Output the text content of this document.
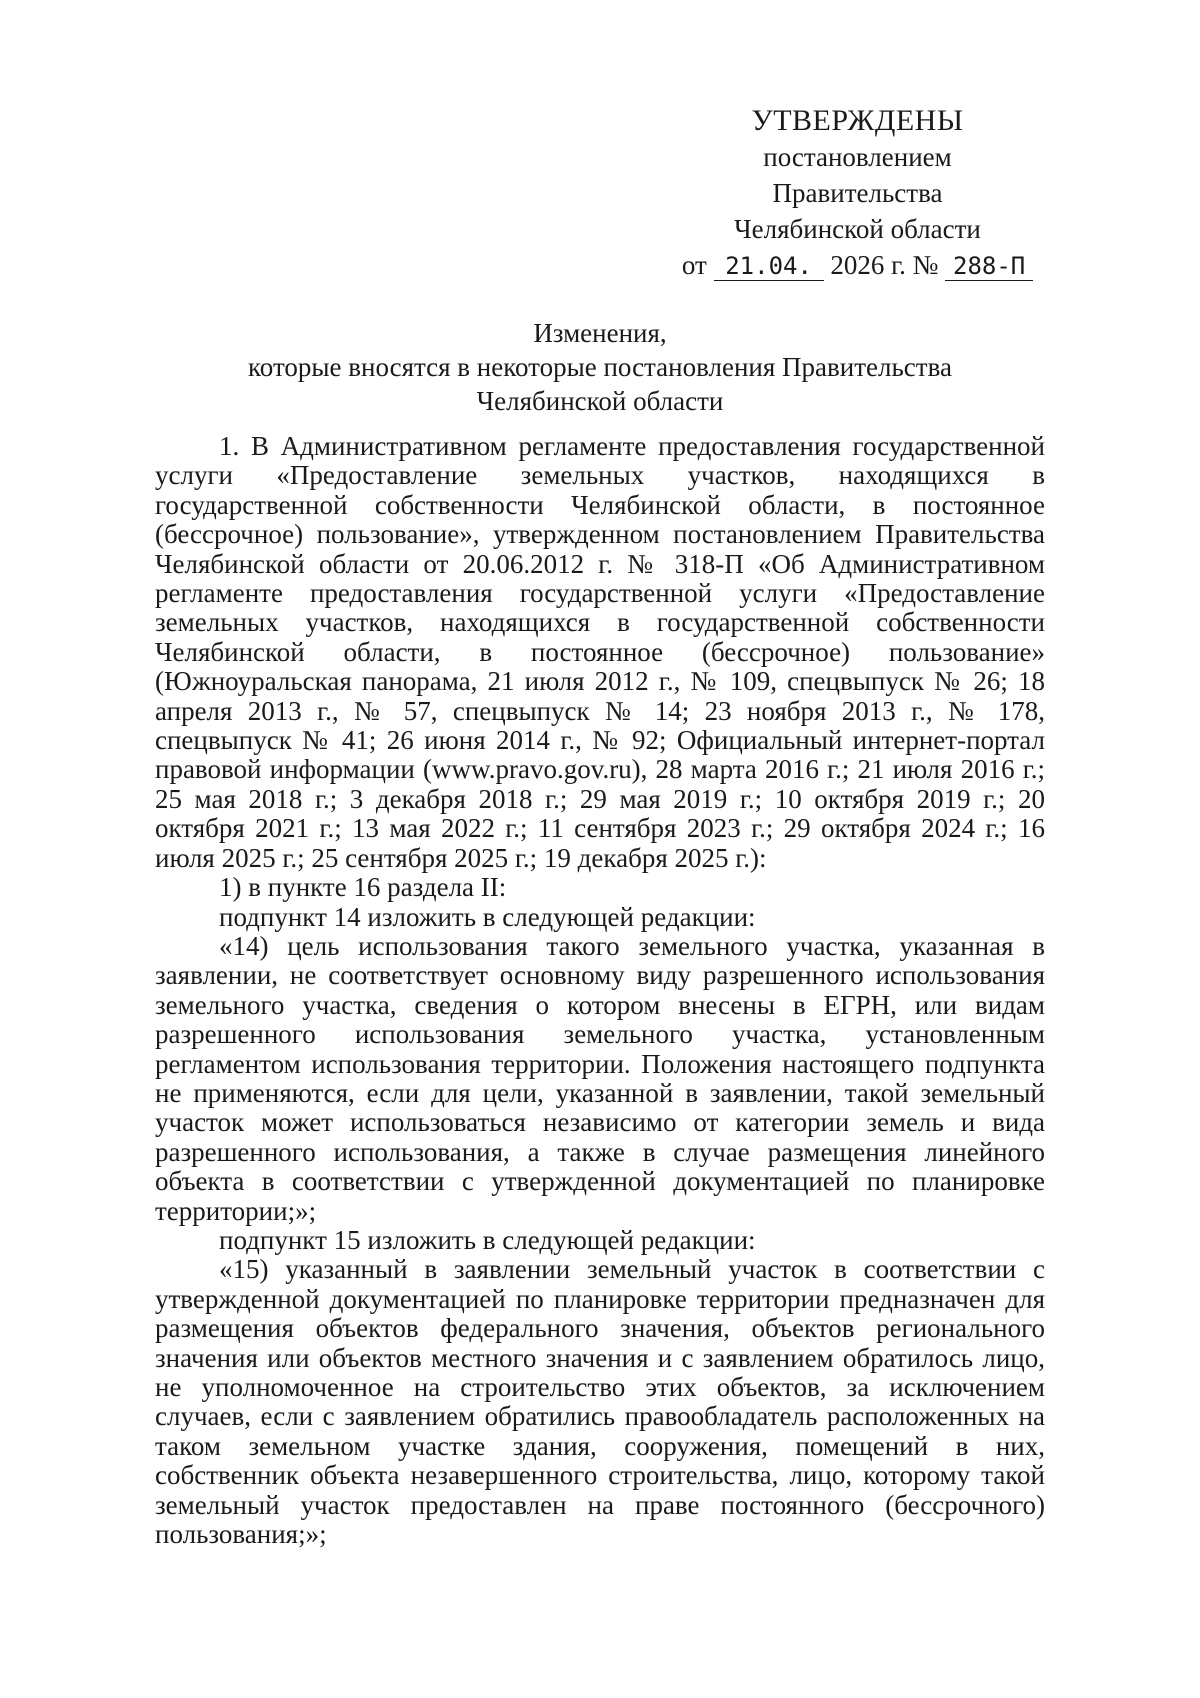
УТВЕРЖДЕНЫ
постановлением Правительства
Челябинской области
от 21.04. 2026 г. № 288-П
Изменения,
которые вносятся в некоторые постановления Правительства
Челябинской области

1. В Административном регламенте предоставления государственной услуги «Предоставление земельных участков, находящихся в государственной собственности Челябинской области, в постоянное (бессрочное) пользование», утвержденном постановлением Правительства Челябинской области от 20.06.2012 г. № 318-П «Об Административном регламенте предоставления государственной услуги «Предоставление земельных участков, находящихся в государственной собственности Челябинской области, в постоянное (бессрочное) пользование» (Южноуральская панорама, 21 июля 2012 г., № 109, спецвыпуск № 26; 18 апреля 2013 г., № 57, спецвыпуск № 14; 23 ноября 2013 г., № 178, спецвыпуск № 41; 26 июня 2014 г., № 92; Официальный интернет-портал правовой информации (www.pravo.gov.ru), 28 марта 2016 г.; 21 июля 2016 г.; 25 мая 2018 г.; 3 декабря 2018 г.; 29 мая 2019 г.; 10 октября 2019 г.; 20 октября 2021 г.; 13 мая 2022 г.; 11 сентября 2023 г.; 29 октября 2024 г.; 16 июля 2025 г.; 25 сентября 2025 г.; 19 декабря 2025 г.):

1) в пункте 16 раздела II:

подпункт 14 изложить в следующей редакции:

«14) цель использования такого земельного участка, указанная в заявлении, не соответствует основному виду разрешенного использования земельного участка, сведения о котором внесены в ЕГРН, или видам разрешенного использования земельного участка, установленным регламентом использования территории. Положения настоящего подпункта не применяются, если для цели, указанной в заявлении, такой земельный участок может использоваться независимо от категории земель и вида разрешенного использования, а также в случае размещения линейного объекта в соответствии с утвержденной документацией по планировке территории;»;

подпункт 15 изложить в следующей редакции:

«15) указанный в заявлении земельный участок в соответствии с утвержденной документацией по планировке территории предназначен для размещения объектов федерального значения, объектов регионального значения или объектов местного значения и с заявлением обратилось лицо, не уполномоченное на строительство этих объектов, за исключением случаев, если с заявлением обратились правообладатель расположенных на таком земельном участке здания, сооружения, помещений в них, собственник объекта незавершенного строительства, лицо, которому такой земельный участок предоставлен на праве постоянного (бессрочного) пользования;»;
